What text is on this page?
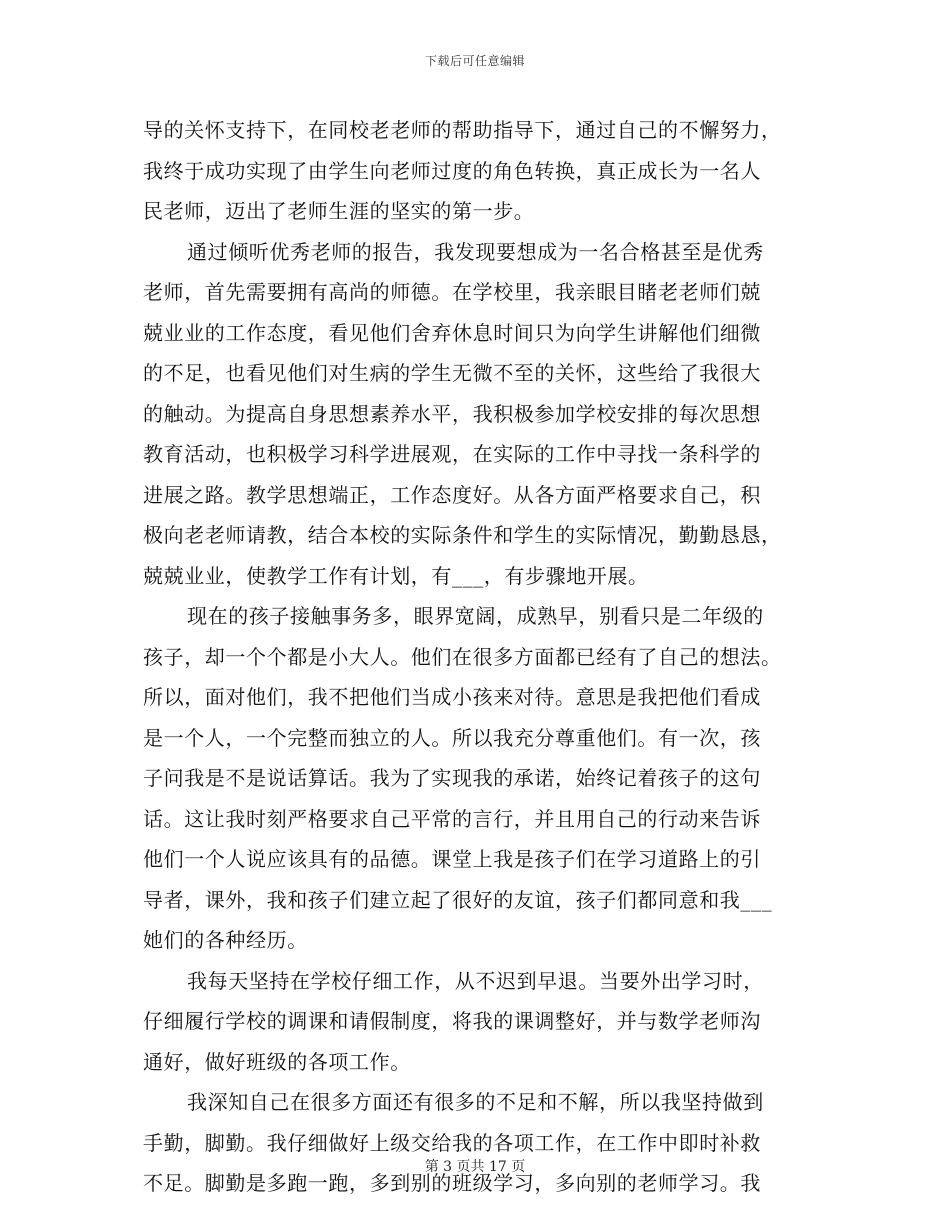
下载后可任意编辑
导的关怀支持下，在同校老老师的帮助指导下，通过自己的不懈努力，
我终于成功实现了由学生向老师过度的角色转换，真正成长为一名人
民老师，迈出了老师生涯的坚实的第一步。
通过倾听优秀老师的报告，我发现要想成为一名合格甚至是优秀
老师，首先需要拥有高尚的师德。在学校里，我亲眼目睹老老师们兢
兢业业的工作态度，看见他们舍弃休息时间只为向学生讲解他们细微
的不足，也看见他们对生病的学生无微不至的关怀，这些给了我很大
的触动。为提高自身思想素养水平，我积极参加学校安排的每次思想
教育活动，也积极学习科学进展观，在实际的工作中寻找一条科学的
进展之路。教学思想端正，工作态度好。从各方面严格要求自己，积
极向老老师请教，结合本校的实际条件和学生的实际情况，勤勤恳恳，
兢兢业业，使教学工作有计划，有___，有步骤地开展。
现在的孩子接触事务多，眼界宽阔，成熟早，别看只是二年级的
孩子，却一个个都是小大人。他们在很多方面都已经有了自己的想法。
所以，面对他们，我不把他们当成小孩来对待。意思是我把他们看成
是一个人，一个完整而独立的人。所以我充分尊重他们。有一次，孩
子问我是不是说话算话。我为了实现我的承诺，始终记着孩子的这句
话。这让我时刻严格要求自己平常的言行，并且用自己的行动来告诉
他们一个人说应该具有的品德。课堂上我是孩子们在学习道路上的引
导者，课外，我和孩子们建立起了很好的友谊，孩子们都同意和我___
她们的各种经历。
我每天坚持在学校仔细工作，从不迟到早退。当要外出学习时，
仔细履行学校的调课和请假制度，将我的课调整好，并与数学老师沟
通好，做好班级的各项工作。
我深知自己在很多方面还有很多的不足和不解，所以我坚持做到
手勤，脚勤。我仔细做好上级交给我的各项工作，在工作中即时补救
不足。脚勤是多跑一跑，多到别的班级学习，多向别的老师学习。我
第 3 页共 17 页
